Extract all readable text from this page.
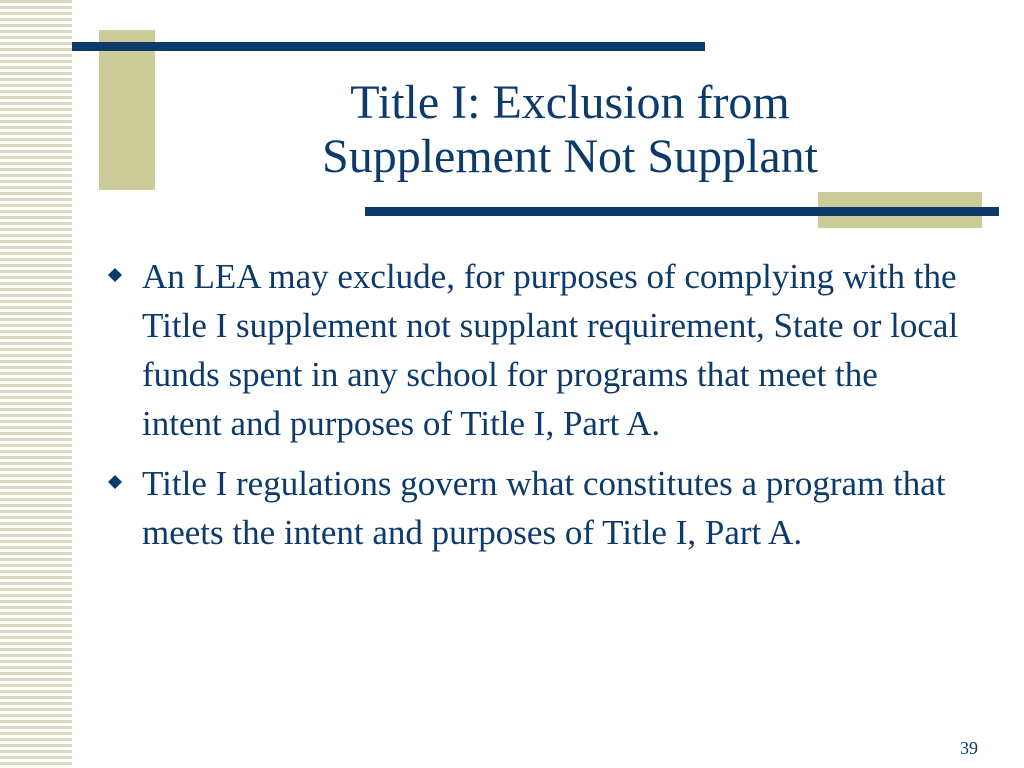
Title I: Exclusion from
Supplement Not Supplant
An LEA may exclude, for purposes of complying with the Title I supplement not supplant requirement, State or local funds spent in any school for programs that meet the intent and purposes of Title I, Part A.
Title I regulations govern what constitutes a program that meets the intent and purposes of Title I, Part A.
39
